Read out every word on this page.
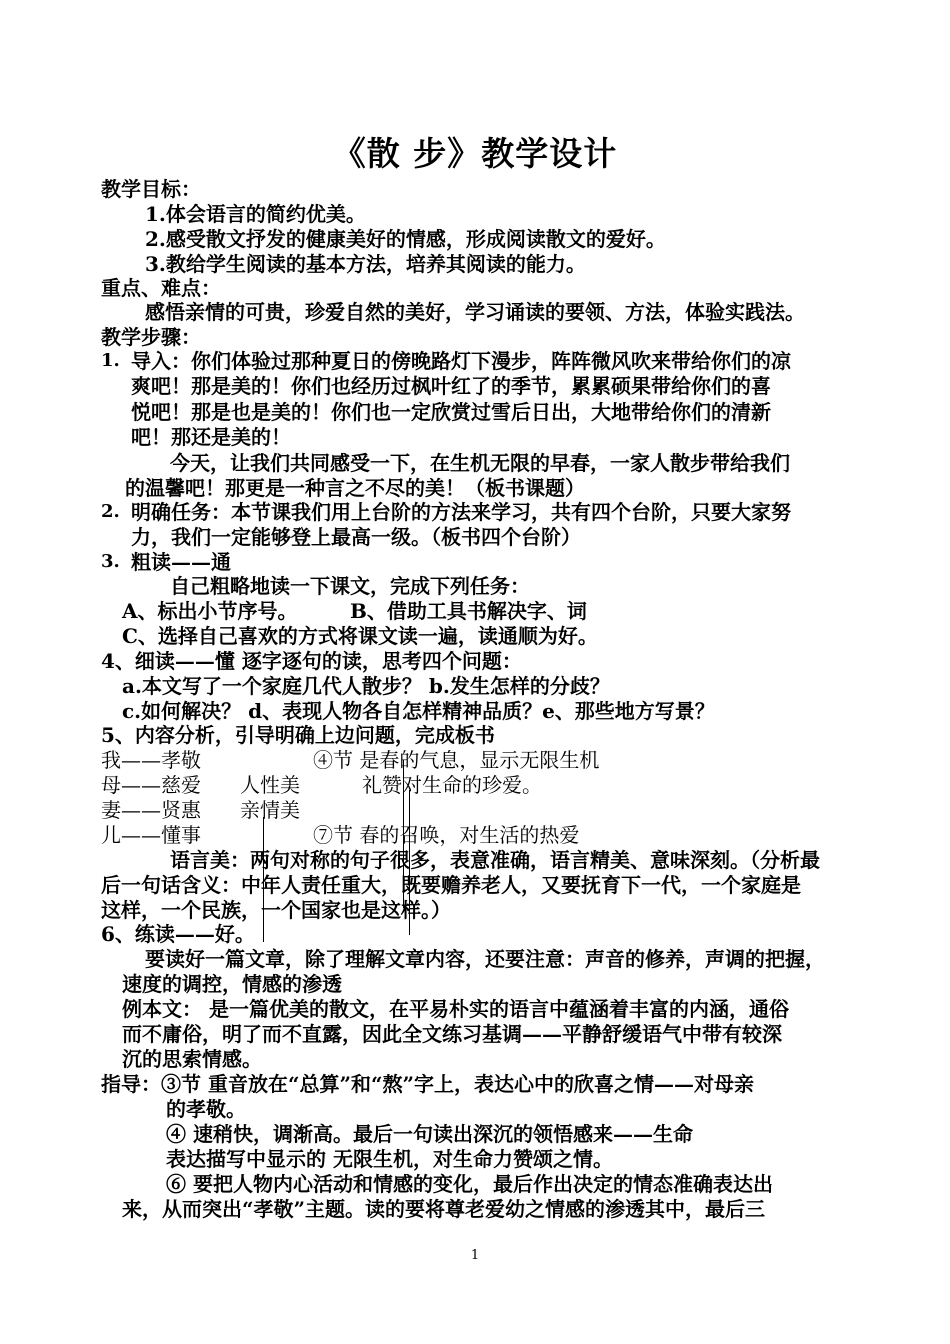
《散 步》教学设计
教学目标：
1.体会语言的简约优美。
2.感受散文抒发的健康美好的情感，形成阅读散文的爱好。
3.教给学生阅读的基本方法，培养其阅读的能力。
重点、难点：
感悟亲情的可贵，珍爱自然的美好，学习诵读的要领、方法，体验实践法。
教学步骤：
1. 导入：你们体验过那种夏日的傍晚路灯下漫步，阵阵微风吹来带给你们的凉
爽吧！那是美的！你们也经历过枫叶红了的季节，累累硕果带给你们的喜
悦吧！那是也是美的！你们也一定欣赏过雪后日出，大地带给你们的清新
吧！那还是美的！
今天，让我们共同感受一下，在生机无限的早春，一家人散步带给我们
的温馨吧！那更是一种言之不尽的美！（板书课题）
2. 明确任务：本节课我们用上台阶的方法来学习，共有四个台阶，只要大家努
力，我们一定能够登上最高一级。（板书四个台阶）
3. 粗读——通
自己粗略地读一下课文，完成下列任务：
A、标出小节序号。	B、借助工具书解决字、词
C、选择自己喜欢的方式将课文读一遍，读通顺为好。
4、细读——懂 逐字逐句的读，思考四个问题：
a.本文写了一个家庭几代人散步？ b.发生怎样的分歧？
c.如何解决？ d、表现人物各自怎样精神品质？e、那些地方写景？
5、内容分析，引导明确上边问题，完成板书
我——孝敬	④节 是春的气息，显示无限生机
母——慈爱 人性美	礼赞对生命的珍爱。
妻——贤惠 亲情美
儿——懂事	⑦节 春的召唤，对生活的热爱
语言美：两句对称的句子很多，表意准确，语言精美、意味深刻。（分析最
后一句话含义：中年人责任重大，既要赡养老人，又要抚育下一代，一个家庭是
这样，一个民族，一个国家也是这样。）
6、练读——好。
要读好一篇文章，除了理解文章内容，还要注意：声音的修养，声调的把握，
速度的调控，情感的渗透
例本文： 是一篇优美的散文，在平易朴实的语言中蕴涵着丰富的内涵，通俗
而不庸俗，明了而不直露，因此全文练习基调——平静舒缓语气中带有较深
沉的思索情感。
指导：③节 重音放在“总算”和“熬”字上，表达心中的欣喜之情——对母亲
的孝敬。
④ 速稍快，调渐高。最后一句读出深沉的领悟感来——生命
表达描写中显示的 无限生机，对生命力赞颂之情。
⑥ 要把人物内心活动和情感的变化，最后作出决定的情态准确表达出
来，从而突出“孝敬”主题。读的要将尊老爱幼之情感的渗透其中，最后三
1
